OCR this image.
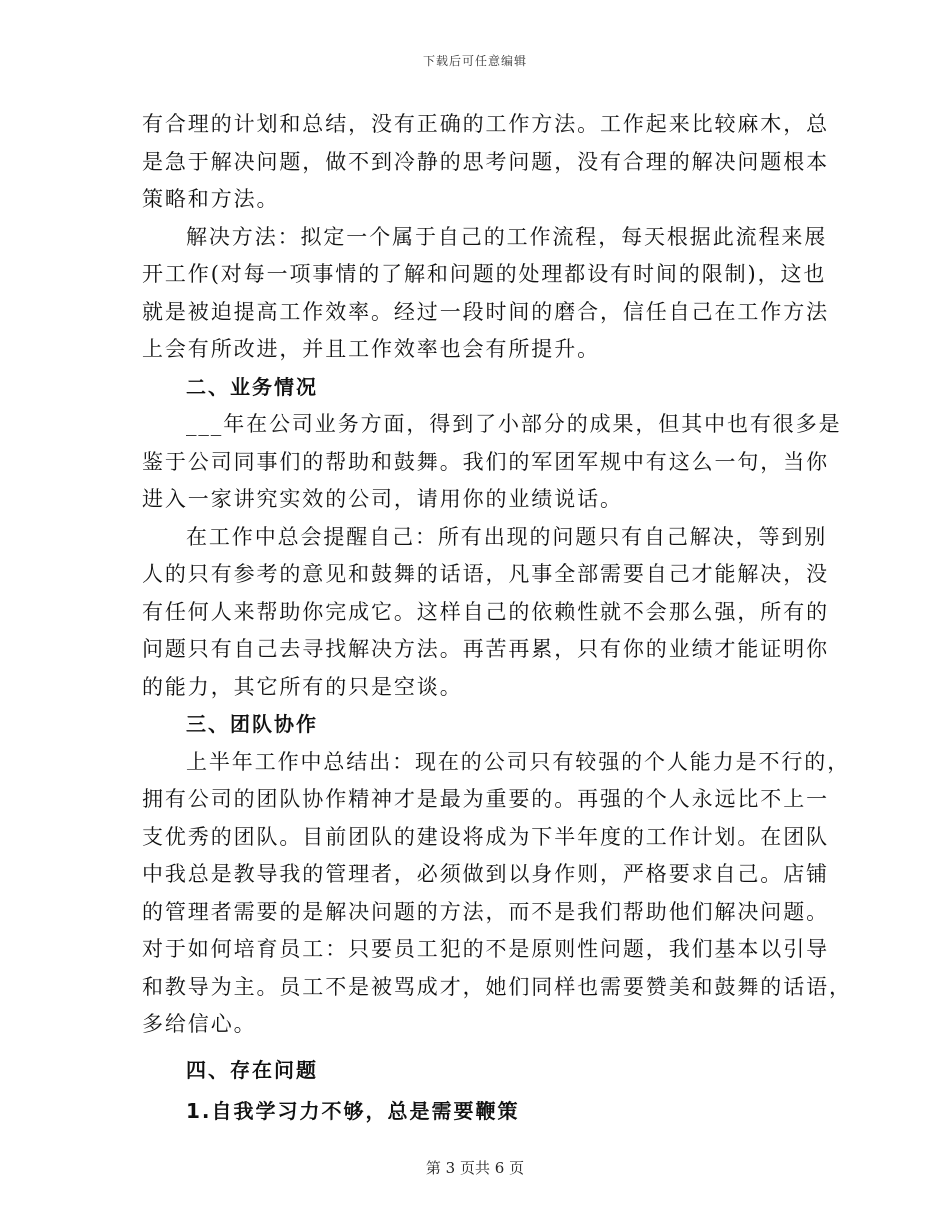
下载后可任意编辑
有合理的计划和总结，没有正确的工作方法。工作起来比较麻木，总
是急于解决问题，做不到冷静的思考问题，没有合理的解决问题根本
策略和方法。
解决方法：拟定一个属于自己的工作流程，每天根据此流程来展
开工作(对每一项事情的了解和问题的处理都设有时间的限制)，这也
就是被迫提高工作效率。经过一段时间的磨合，信任自己在工作方法
上会有所改进，并且工作效率也会有所提升。
二、业务情况
___年在公司业务方面，得到了小部分的成果，但其中也有很多是
鉴于公司同事们的帮助和鼓舞。我们的军团军规中有这么一句，当你
进入一家讲究实效的公司，请用你的业绩说话。
在工作中总会提醒自己：所有出现的问题只有自己解决，等到别
人的只有参考的意见和鼓舞的话语，凡事全部需要自己才能解决，没
有任何人来帮助你完成它。这样自己的依赖性就不会那么强，所有的
问题只有自己去寻找解决方法。再苦再累，只有你的业绩才能证明你
的能力，其它所有的只是空谈。
三、团队协作
上半年工作中总结出：现在的公司只有较强的个人能力是不行的，
拥有公司的团队协作精神才是最为重要的。再强的个人永远比不上一
支优秀的团队。目前团队的建设将成为下半年度的工作计划。在团队
中我总是教导我的管理者，必须做到以身作则，严格要求自己。店铺
的管理者需要的是解决问题的方法，而不是我们帮助他们解决问题。
对于如何培育员工：只要员工犯的不是原则性问题，我们基本以引导
和教导为主。员工不是被骂成才，她们同样也需要赞美和鼓舞的话语，
多给信心。
四、存在问题
1.自我学习力不够，总是需要鞭策
第 3 页共 6 页
